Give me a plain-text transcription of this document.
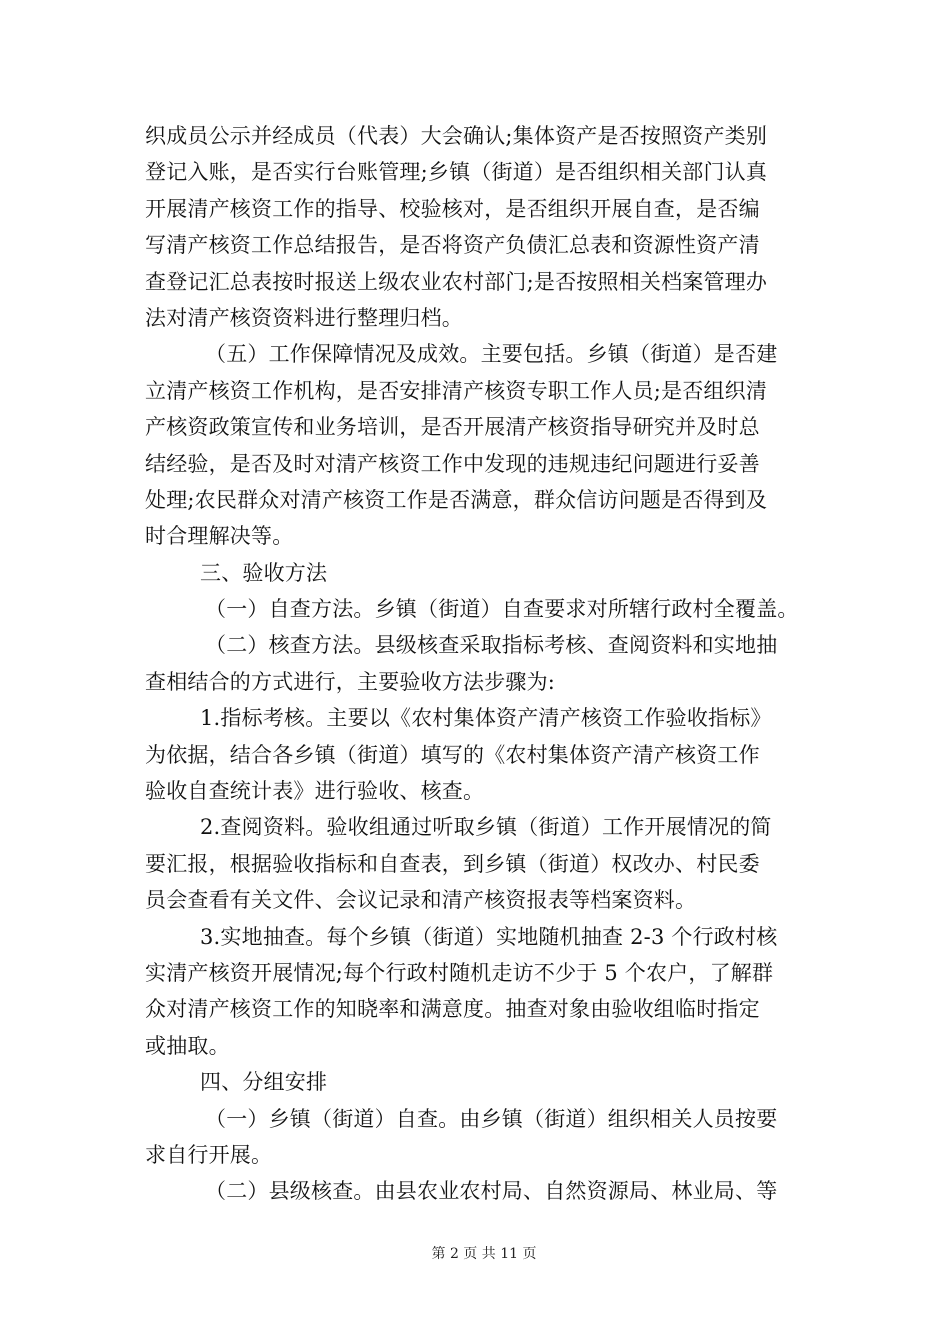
织成员公示并经成员（代表）大会确认;集体资产是否按照资产类别
登记入账，是否实行台账管理;乡镇（街道）是否组织相关部门认真
开展清产核资工作的指导、校验核对，是否组织开展自查，是否编
写清产核资工作总结报告，是否将资产负债汇总表和资源性资产清
查登记汇总表按时报送上级农业农村部门;是否按照相关档案管理办
法对清产核资资料进行整理归档。
（五）工作保障情况及成效。主要包括。乡镇（街道）是否建
立清产核资工作机构，是否安排清产核资专职工作人员;是否组织清
产核资政策宣传和业务培训，是否开展清产核资指导研究并及时总
结经验，是否及时对清产核资工作中发现的违规违纪问题进行妥善
处理;农民群众对清产核资工作是否满意，群众信访问题是否得到及
时合理解决等。
三、验收方法
（一）自查方法。乡镇（街道）自查要求对所辖行政村全覆盖。
（二）核查方法。县级核查采取指标考核、查阅资料和实地抽
查相结合的方式进行，主要验收方法步骤为:
1.指标考核。主要以《农村集体资产清产核资工作验收指标》
为依据，结合各乡镇（街道）填写的《农村集体资产清产核资工作
验收自查统计表》进行验收、核查。
2.查阅资料。验收组通过听取乡镇（街道）工作开展情况的简
要汇报，根据验收指标和自查表，到乡镇（街道）权改办、村民委
员会查看有关文件、会议记录和清产核资报表等档案资料。
3.实地抽查。每个乡镇（街道）实地随机抽查 2-3 个行政村核
实清产核资开展情况;每个行政村随机走访不少于 5 个农户，了解群
众对清产核资工作的知晓率和满意度。抽查对象由验收组临时指定
或抽取。
四、分组安排
（一）乡镇（街道）自查。由乡镇（街道）组织相关人员按要
求自行开展。
（二）县级核查。由县农业农村局、自然资源局、林业局、等
第 2 页 共 11 页
